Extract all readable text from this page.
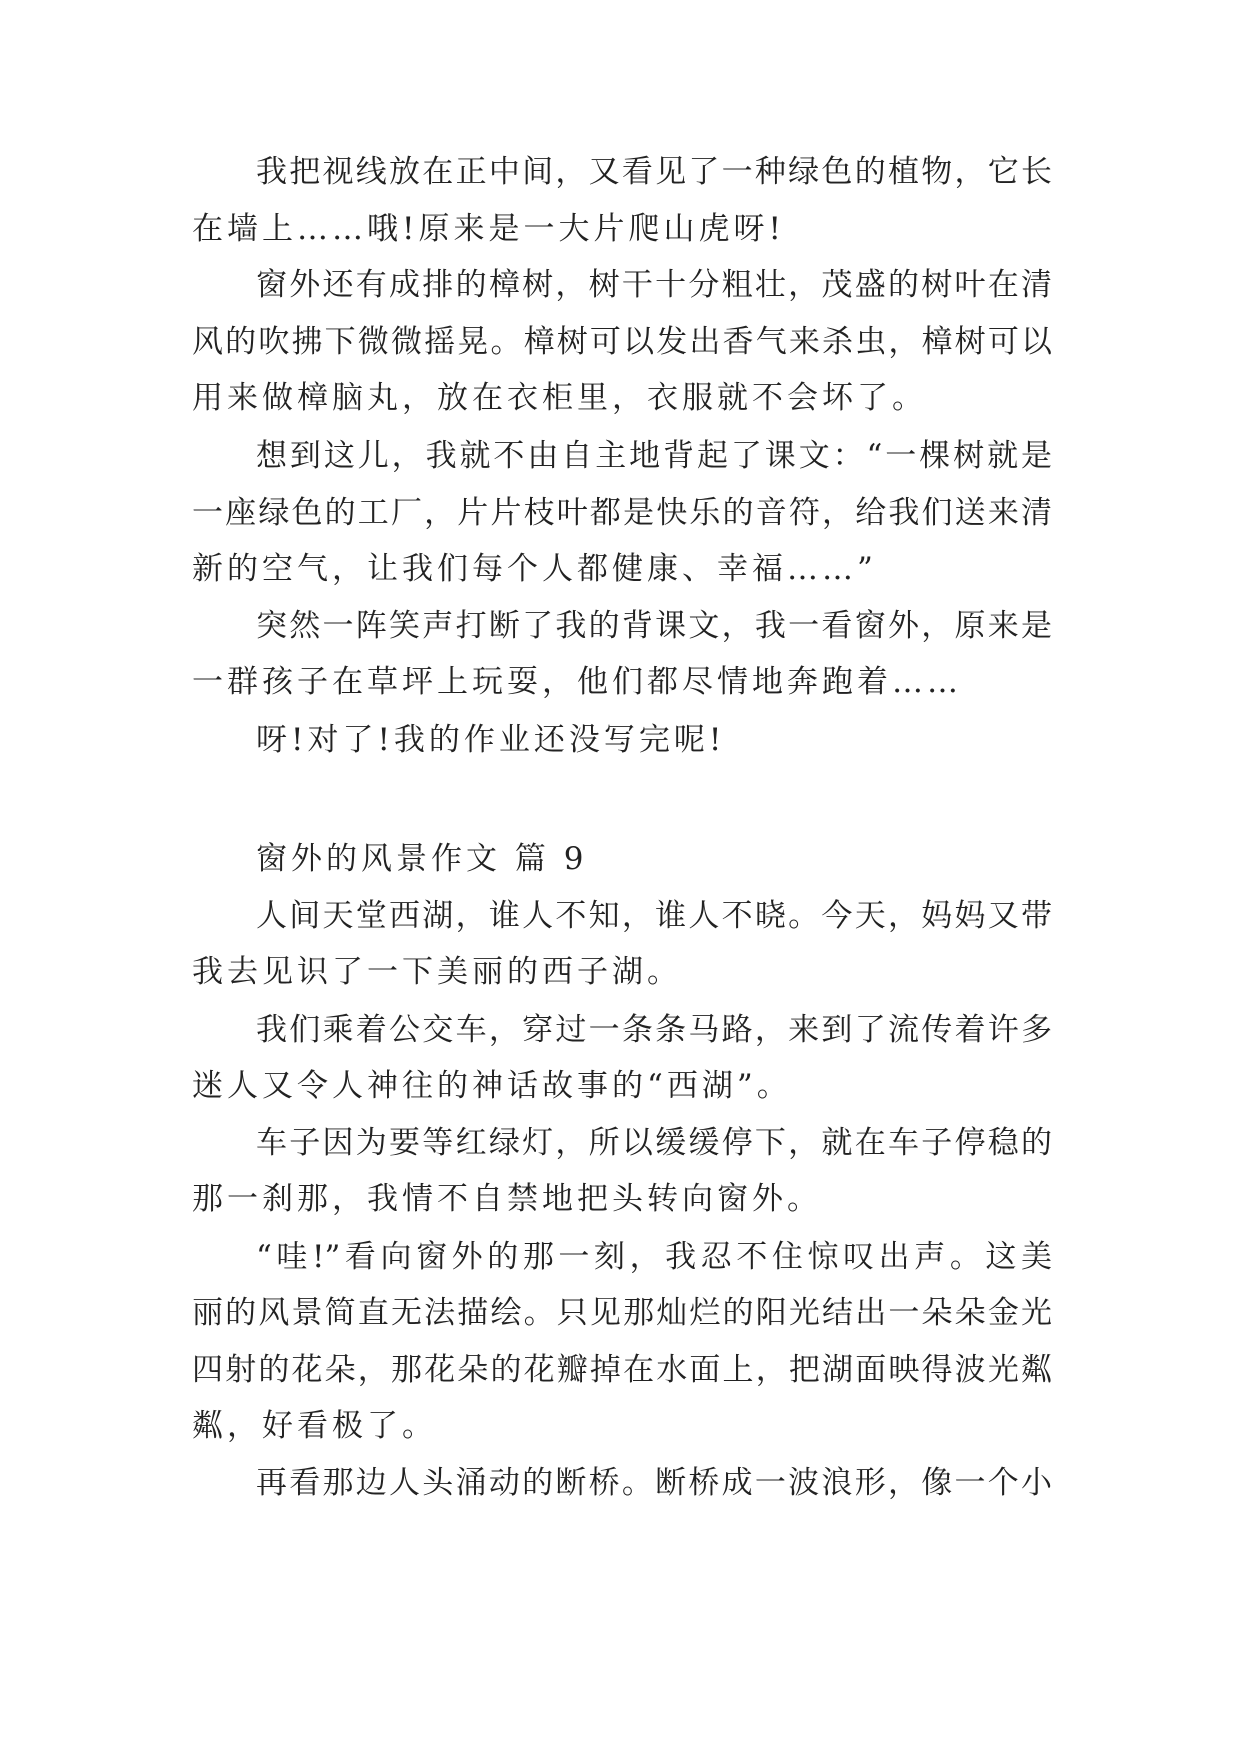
我把视线放在正中间，又看见了一种绿色的植物，它长
在墙上……哦!原来是一大片爬山虎呀!
窗外还有成排的樟树，树干十分粗壮，茂盛的树叶在清
风的吹拂下微微摇晃。樟树可以发出香气来杀虫，樟树可以
用来做樟脑丸，放在衣柜里，衣服就不会坏了。
想到这儿，我就不由自主地背起了课文：“一棵树就是
一座绿色的工厂，片片枝叶都是快乐的音符，给我们送来清
新的空气，让我们每个人都健康、幸福……”
突然一阵笑声打断了我的背课文，我一看窗外，原来是
一群孩子在草坪上玩耍，他们都尽情地奔跑着……
呀!对了!我的作业还没写完呢!
窗外的风景作文 篇 9
人间天堂西湖，谁人不知，谁人不晓。今天，妈妈又带
我去见识了一下美丽的西子湖。
我们乘着公交车，穿过一条条马路，来到了流传着许多
迷人又令人神往的神话故事的“西湖”。
车子因为要等红绿灯，所以缓缓停下，就在车子停稳的
那一刹那，我情不自禁地把头转向窗外。
“哇!”看向窗外的那一刻，我忍不住惊叹出声。这美
丽的风景简直无法描绘。只见那灿烂的阳光结出一朵朵金光
四射的花朵，那花朵的花瓣掉在水面上，把湖面映得波光粼
粼，好看极了。
再看那边人头涌动的断桥。断桥成一波浪形，像一个小
